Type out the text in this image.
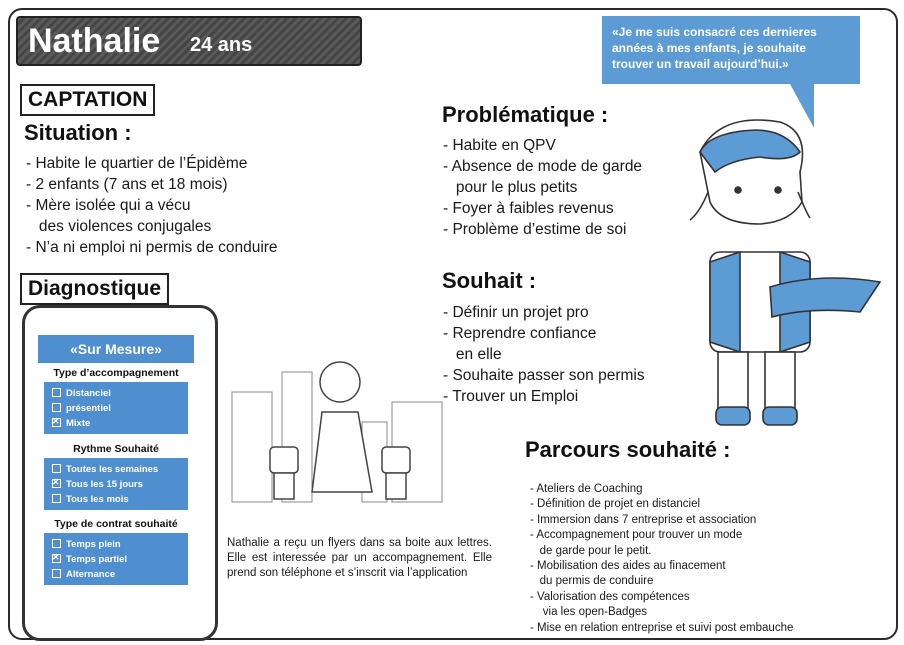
Nathalie 24 ans
«Je me suis consacré ces dernieres années à mes enfants, je souhaite trouver un travail aujourd’hui.»
CAPTATION
Situation :
- Habite le quartier de l’Épidème
- 2 enfants (7 ans et 18 mois)
- Mère isolée qui a vécu
des violences conjugales
- N’a ni emploi ni permis de conduire
Problématique :
- Habite en QPV
- Absence de mode de garde
pour le plus petits
- Foyer à faibles revenus
- Problème d’estime de soi
Souhait :
- Définir un projet pro
- Reprendre confiance
en elle
- Souhaite passer son permis
- Trouver un Emploi
Diagnostique
«Sur Mesure»
Type d’accompagnement
Distanciel
présentiel
✕Mixte
Rythme Souhaité
Toutes les semaines
✕Tous les 15 jours
Tous les mois
Type de contrat souhaité
Temps plein
✕Temps partiel
Alternance
Nathalie a reçu un flyers dans sa boite aux lettres. Elle est interessée par un accompagnement. Elle prend son téléphone et s’inscrit via l’application
Parcours souhaité :
- Ateliers de Coaching
- Définition de projet en distanciel
- Immersion dans 7 entreprise et association
- Accompagnement pour trouver un mode
de garde pour le petit.
- Mobilisation des aides au finacement
du permis de conduire
- Valorisation des compétences
via les open-Badges
- Mise en relation entreprise et suivi post embauche
